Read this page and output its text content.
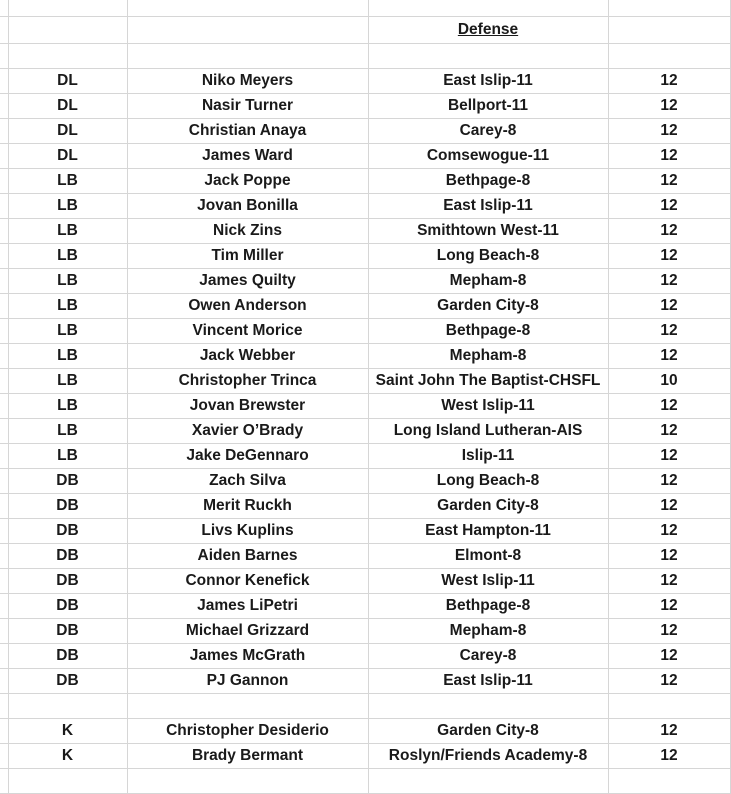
			Defense		

	DL	Niko Meyers	East Islip-11	12	
	DL	Nasir Turner	Bellport-11	12	
	DL	Christian Anaya	Carey-8	12	
	DL	James Ward	Comsewogue-11	12	
	LB	Jack Poppe	Bethpage-8	12	
	LB	Jovan Bonilla	East Islip-11	12	
	LB	Nick Zins	Smithtown West-11	12	
	LB	Tim Miller	Long Beach-8	12	
	LB	James Quilty	Mepham-8	12	
	LB	Owen Anderson	Garden City-8	12	
	LB	Vincent Morice	Bethpage-8	12	
	LB	Jack Webber	Mepham-8	12	
	LB	Christopher Trinca	Saint John The Baptist-CHSFL	10	
	LB	Jovan Brewster	West Islip-11	12	
	LB	Xavier O’Brady	Long Island Lutheran-AIS	12	
	LB	Jake DeGennaro	Islip-11	12	
	DB	Zach Silva	Long Beach-8	12	
	DB	Merit Ruckh	Garden City-8	12	
	DB	Livs Kuplins	East Hampton-11	12	
	DB	Aiden Barnes	Elmont-8	12	
	DB	Connor Kenefick	West Islip-11	12	
	DB	James LiPetri	Bethpage-8	12	
	DB	Michael Grizzard	Mepham-8	12	
	DB	James McGrath	Carey-8	12	
	DB	PJ Gannon	East Islip-11	12	

	K	Christopher Desiderio	Garden City-8	12	
	K	Brady Bermant	Roslyn/Friends Academy-8	12	
